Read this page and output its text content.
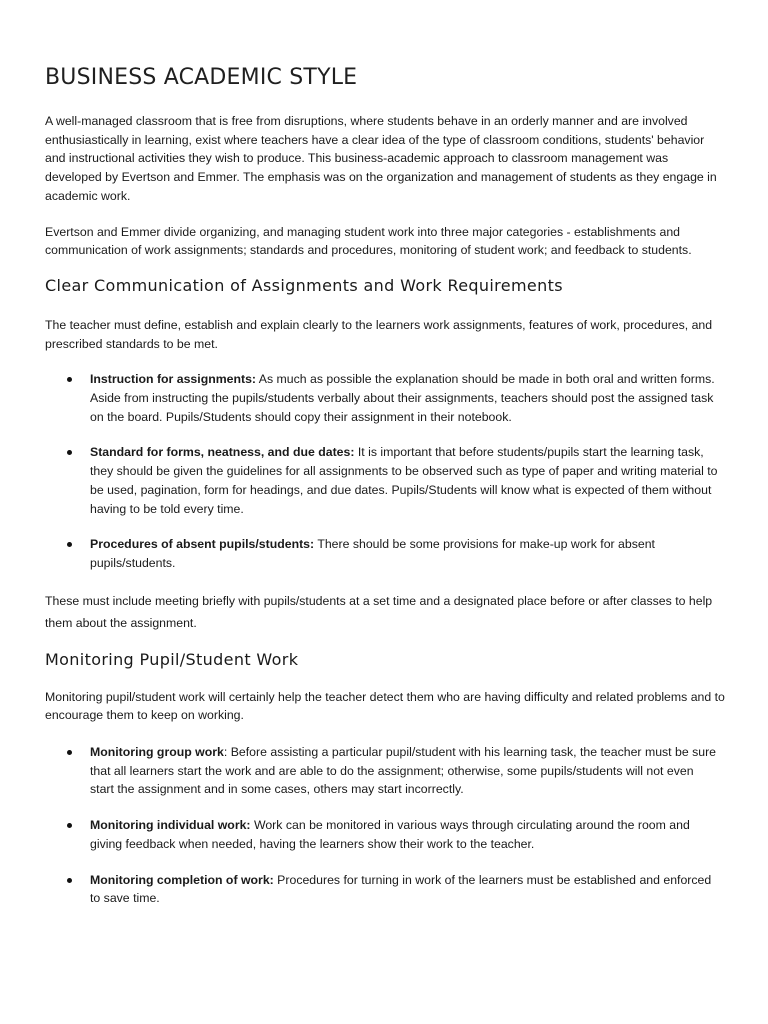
BUSINESS ACADEMIC STYLE

A well-managed classroom that is free from disruptions, where students behave in an orderly manner and are involved enthusiastically in learning, exist where teachers have a clear idea of the type of classroom conditions, students' behavior and instructional activities they wish to produce. This business-academic approach to classroom management was developed by Evertson and Emmer. The emphasis was on the organization and management of students as they engage in academic work.

Evertson and Emmer divide organizing, and managing student work into three major categories - establishments and communication of work assignments; standards and procedures, monitoring of student work; and feedback to students.

Clear Communication of Assignments and Work Requirements

The teacher must define, establish and explain clearly to the learners work assignments, features of work, procedures, and prescribed standards to be met.

Instruction for assignments: As much as possible the explanation should be made in both oral and written forms. Aside from instructing the pupils/students verbally about their assignments, teachers should post the assigned task on the board. Pupils/Students should copy their assignment in their notebook.
Standard for forms, neatness, and due dates: It is important that before students/pupils start the learning task, they should be given the guidelines for all assignments to be observed such as type of paper and writing material to be used, pagination, form for headings, and due dates. Pupils/Students will know what is expected of them without having to be told every time.
Procedures of absent pupils/students: There should be some provisions for make-up work for absent pupils/students.

These must include meeting briefly with pupils/students at a set time and a designated place before or after classes to help them about the assignment.

Monitoring Pupil/Student Work

Monitoring pupil/student work will certainly help the teacher detect them who are having difficulty and related problems and to encourage them to keep on working.

Monitoring group work: Before assisting a particular pupil/student with his learning task, the teacher must be sure that all learners start the work and are able to do the assignment; otherwise, some pupils/students will not even start the assignment and in some cases, others may start incorrectly.
Monitoring individual work: Work can be monitored in various ways through circulating around the room and giving feedback when needed, having the learners show their work to the teacher.
Monitoring completion of work: Procedures for turning in work of the learners must be established and enforced to save time.
